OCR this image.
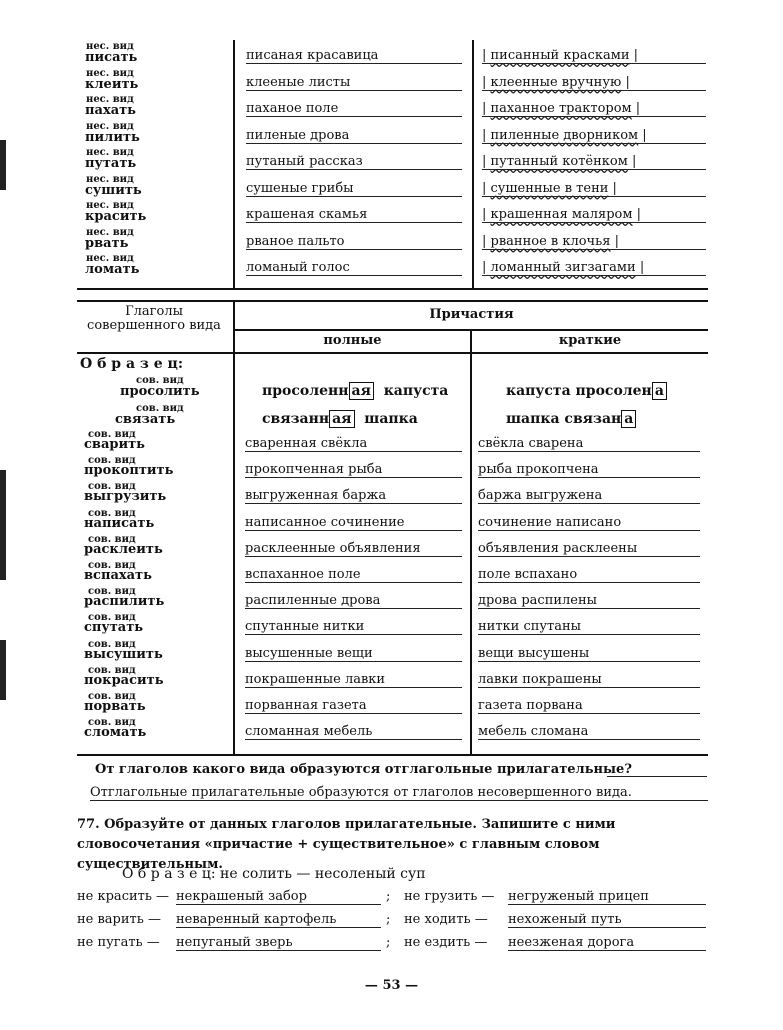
нес. вид
писать	писаная красавица	| писанный красками |
нес. вид
клеить	клееные листы	| клеенные вручную |
нес. вид
пахать	паханое поле	| паханное трактором |
нес. вид
пилить	пиленые дрова	| пиленные дворником |
нес. вид
путать	путаный рассказ	| путанный котёнком |
нес. вид
сушить	сушеные грибы	| сушенные в тени |
нес. вид
красить	крашеная скамья	| крашенная маляром |
нес. вид
рвать	рваное пальто	| рванное в клочья |
нес. вид
ломать	ломаный голос	| ломанный зигзагами |
Глаголы совершенного вида
Причастия
полные	краткие
О б р а з е ц:
сов. вид
просолить	просоленн ая капуста	капуста просолен а
сов. вид
связать	связанн ая шапка	шапка связан а
сов. вид
сварить	сваренная свёкла	свёкла сварена
сов. вид
прокоптить	прокопченная рыба	рыба прокопчена
сов. вид
выгрузить	выгруженная баржа	баржа выгружена
сов. вид
написать	написанное сочинение	сочинение написано
сов. вид
расклеить	расклеенные объявления	объявления расклеены
сов. вид
вспахать	вспаханное поле	поле вспахано
сов. вид
распилить	распиленные дрова	дрова распилены
сов. вид
спутать	спутанные нитки	нитки спутаны
сов. вид
высушить	высушенные вещи	вещи высушены
сов. вид
покрасить	покрашенные лавки	лавки покрашены
сов. вид
порвать	порванная газета	газета порвана
сов. вид
сломать	сломанная мебель	мебель сломана
От глаголов какого вида образуются отглагольные прилагательные?
Отглагольные прилагательные образуются от глаголов несовершенного вида.
77. Образуйте от данных глаголов прилагательные. Запишите с ними словосочетания «причастие + существительное» с главным словом существительным.
О б р а з е ц: не солить — несоленый суп
не красить — некрашеный забор	; не грузить — негруженый прицеп
не варить — неваренный картофель	; не ходить — нехоженый путь
не пугать — непуганый зверь	; не ездить — неезженая дорога
— 53 —
